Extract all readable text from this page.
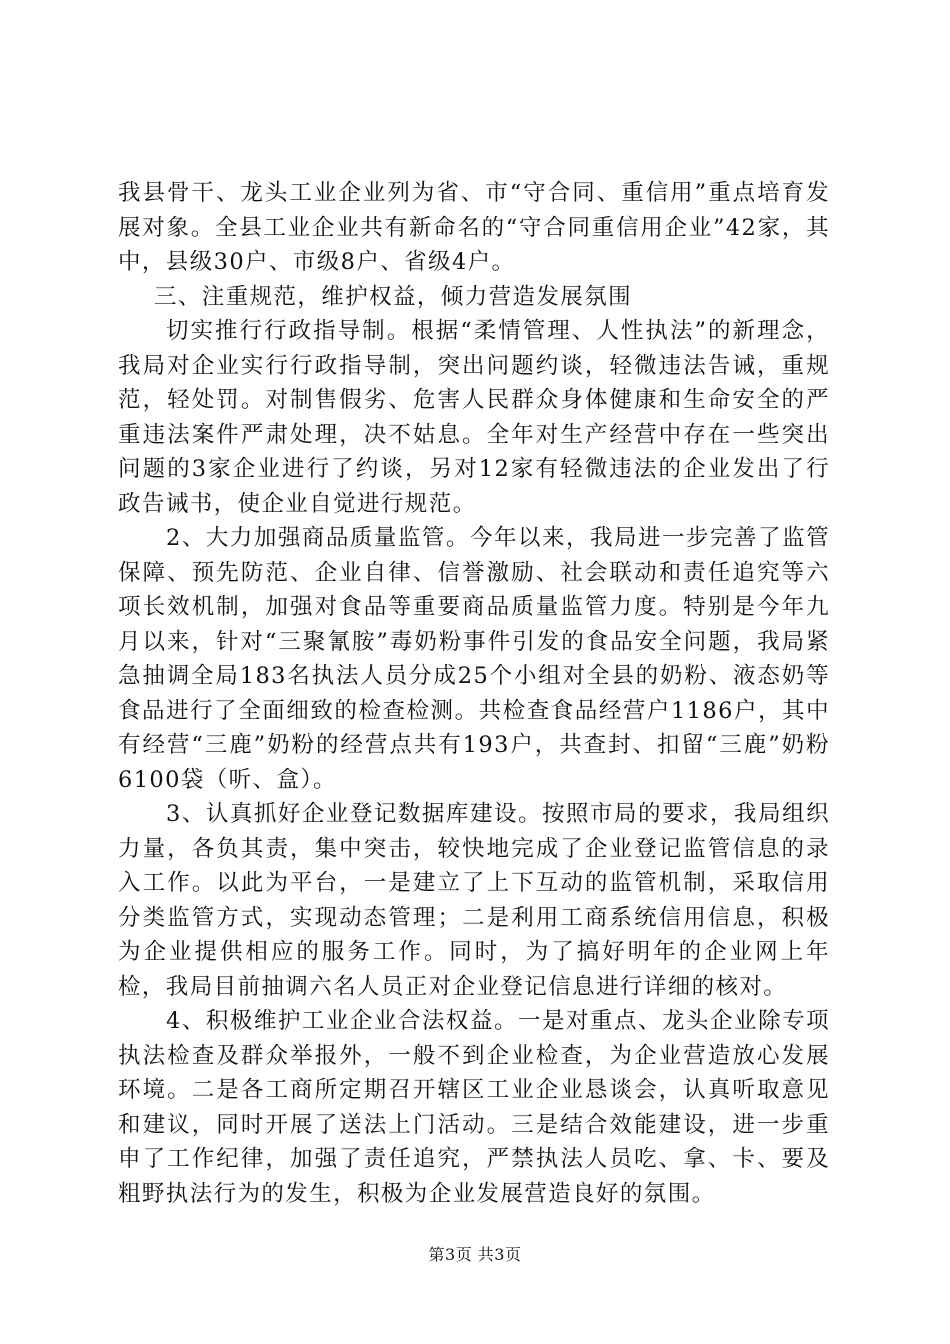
我县骨干、龙头工业企业列为省、市“守合同、重信用”重点培育发展对象。全县工业企业共有新命名的“守合同重信用企业”42家，其中，县级30户、市级8户、省级4户。

三、注重规范，维护权益，倾力营造发展氛围

切实推行行政指导制。根据“柔情管理、人性执法”的新理念，我局对企业实行行政指导制，突出问题约谈，轻微违法告诫，重规范，轻处罚。对制售假劣、危害人民群众身体健康和生命安全的严重违法案件严肃处理，决不姑息。全年对生产经营中存在一些突出问题的3家企业进行了约谈，另对12家有轻微违法的企业发出了行政告诫书，使企业自觉进行规范。

2、大力加强商品质量监管。今年以来，我局进一步完善了监管保障、预先防范、企业自律、信誉激励、社会联动和责任追究等六项长效机制，加强对食品等重要商品质量监管力度。特别是今年九月以来，针对“三聚氰胺”毒奶粉事件引发的食品安全问题，我局紧急抽调全局183名执法人员分成25个小组对全县的奶粉、液态奶等食品进行了全面细致的检查检测。共检查食品经营户1186户，其中有经营“三鹿”奶粉的经营点共有193户，共查封、扣留“三鹿”奶粉6100袋（听、盒）。

3、认真抓好企业登记数据库建设。按照市局的要求，我局组织力量，各负其责，集中突击，较快地完成了企业登记监管信息的录入工作。以此为平台，一是建立了上下互动的监管机制，采取信用分类监管方式，实现动态管理；二是利用工商系统信用信息，积极为企业提供相应的服务工作。同时，为了搞好明年的企业网上年检，我局目前抽调六名人员正对企业登记信息进行详细的核对。

4、积极维护工业企业合法权益。一是对重点、龙头企业除专项执法检查及群众举报外，一般不到企业检查，为企业营造放心发展环境。二是各工商所定期召开辖区工业企业恳谈会，认真听取意见和建议，同时开展了送法上门活动。三是结合效能建设，进一步重申了工作纪律，加强了责任追究，严禁执法人员吃、拿、卡、要及粗野执法行为的发生，积极为企业发展营造良好的氛围。

第3页 共3页
